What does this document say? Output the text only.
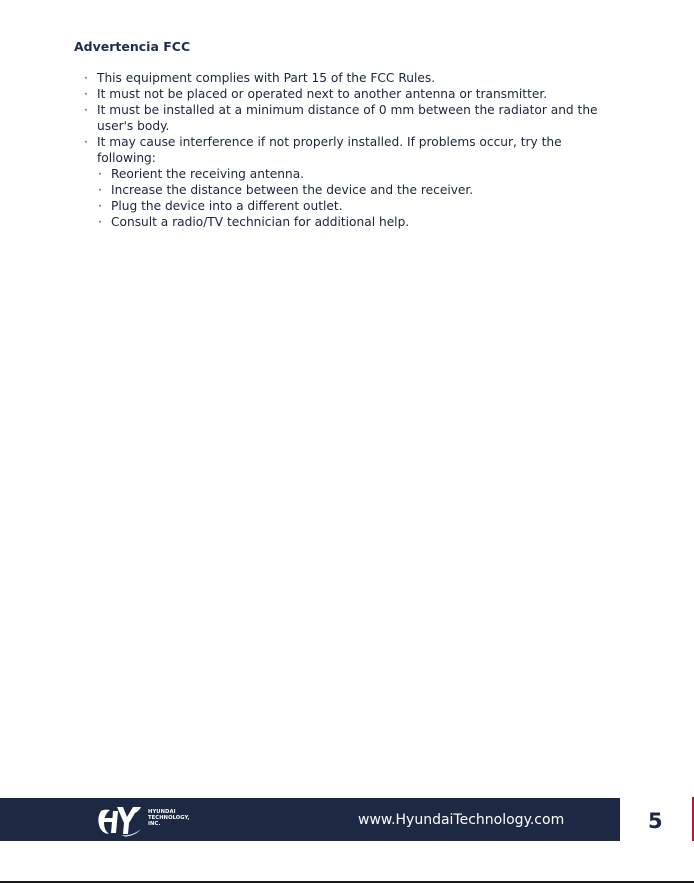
Advertencia FCC
· This equipment complies with Part 15 of the FCC Rules.
· It must not be placed or operated next to another antenna or transmitter.
· It must be installed at a minimum distance of 0 mm between the radiator and the user's body.
· It may cause interference if not properly installed. If problems occur, try the following:
· Reorient the receiving antenna.
· Increase the distance between the device and the receiver.
· Plug the device into a different outlet.
· Consult a radio/TV technician for additional help.
HYUNDAI
TECHNOLOGY,
INC.	www.HyundaiTechnology.com	5
